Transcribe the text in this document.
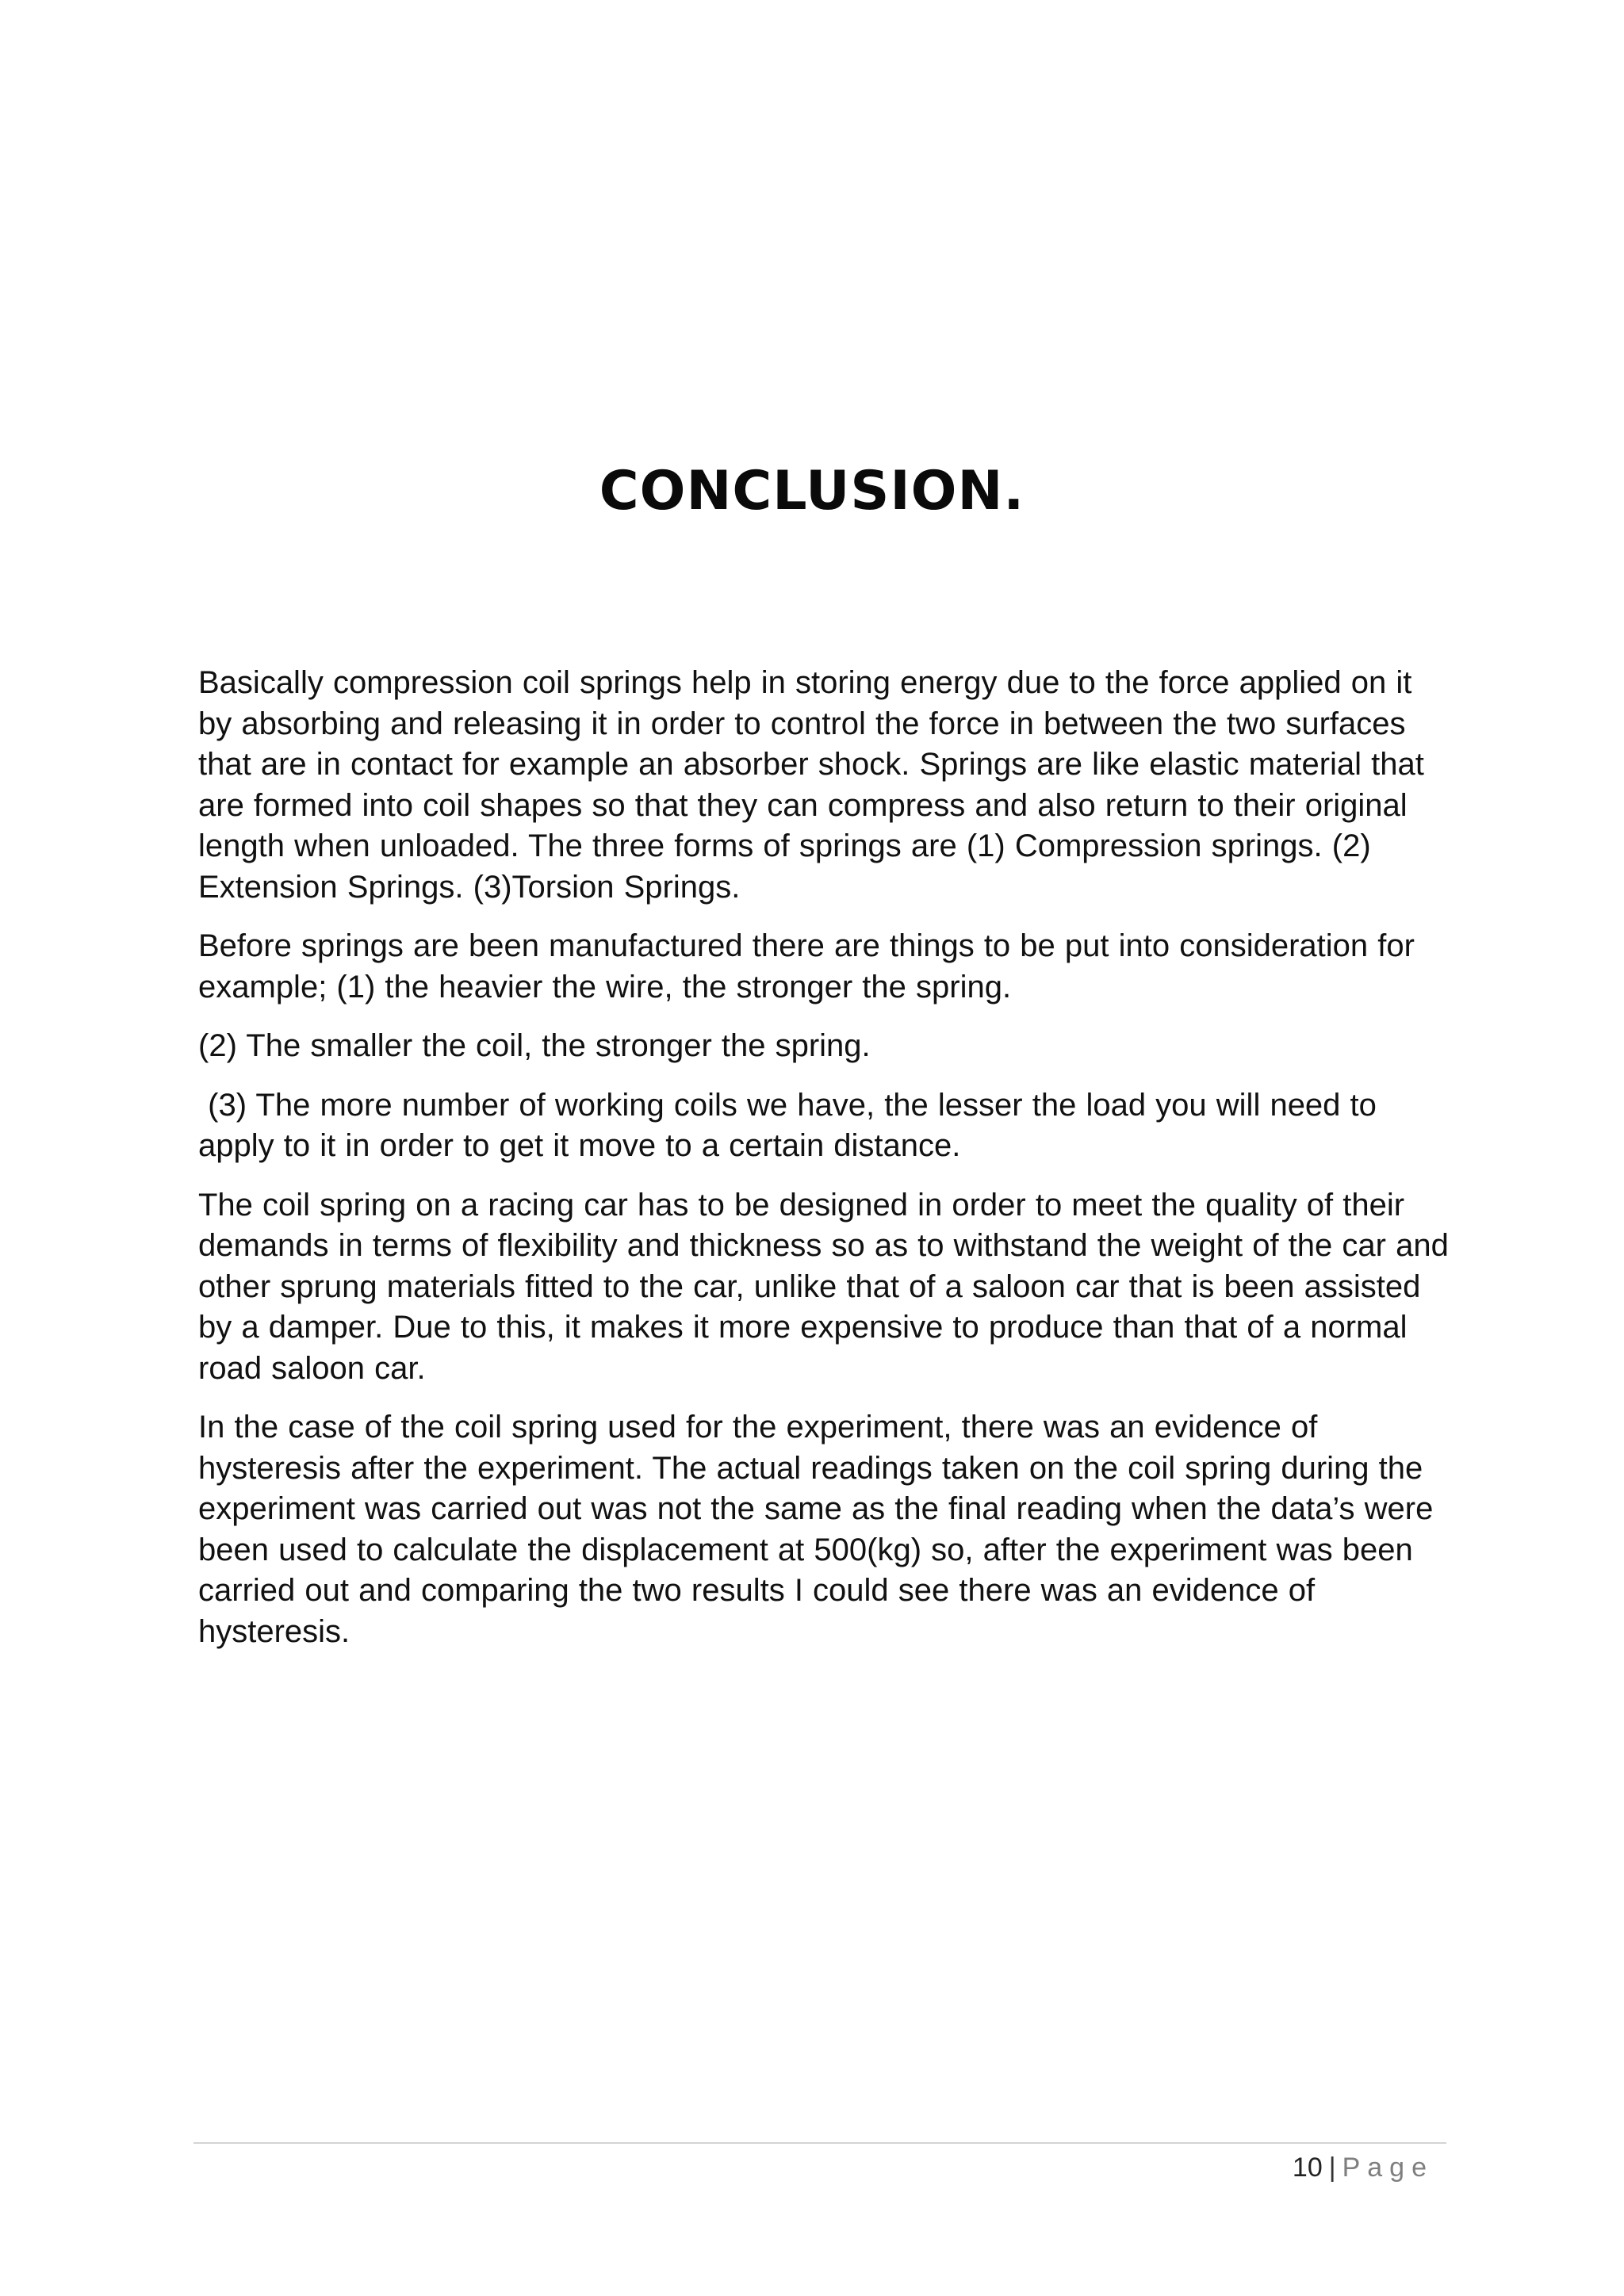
CONCLUSION.

Basically compression coil springs help in storing energy due to the force applied on it by absorbing and releasing it in order to control the force in between the two surfaces that are in contact for example an absorber shock. Springs are like elastic material that are formed into coil shapes so that they can compress and also return to their original length when unloaded. The three forms of springs are (1) Compression springs. (2) Extension Springs. (3)Torsion Springs.

Before springs are been manufactured there are things to be put into consideration for example; (1) the heavier the wire, the stronger the spring.

(2) The smaller the coil, the stronger the spring.

(3) The more number of working coils we have, the lesser the load you will need to apply to it in order to get it move to a certain distance.

The coil spring on a racing car has to be designed in order to meet the quality of their demands in terms of flexibility and thickness so as to withstand the weight of the car and other sprung materials fitted to the car, unlike that of a saloon car that is been assisted by a damper. Due to this, it makes it more expensive to produce than that of a normal road saloon car.

In the case of the coil spring used for the experiment, there was an evidence of hysteresis after the experiment. The actual readings taken on the coil spring during the experiment was carried out was not the same as the final reading when the data’s were been used to calculate the displacement at 500(kg) so, after the experiment was been carried out and comparing the two results I could see there was an evidence of hysteresis.

10 | Page
